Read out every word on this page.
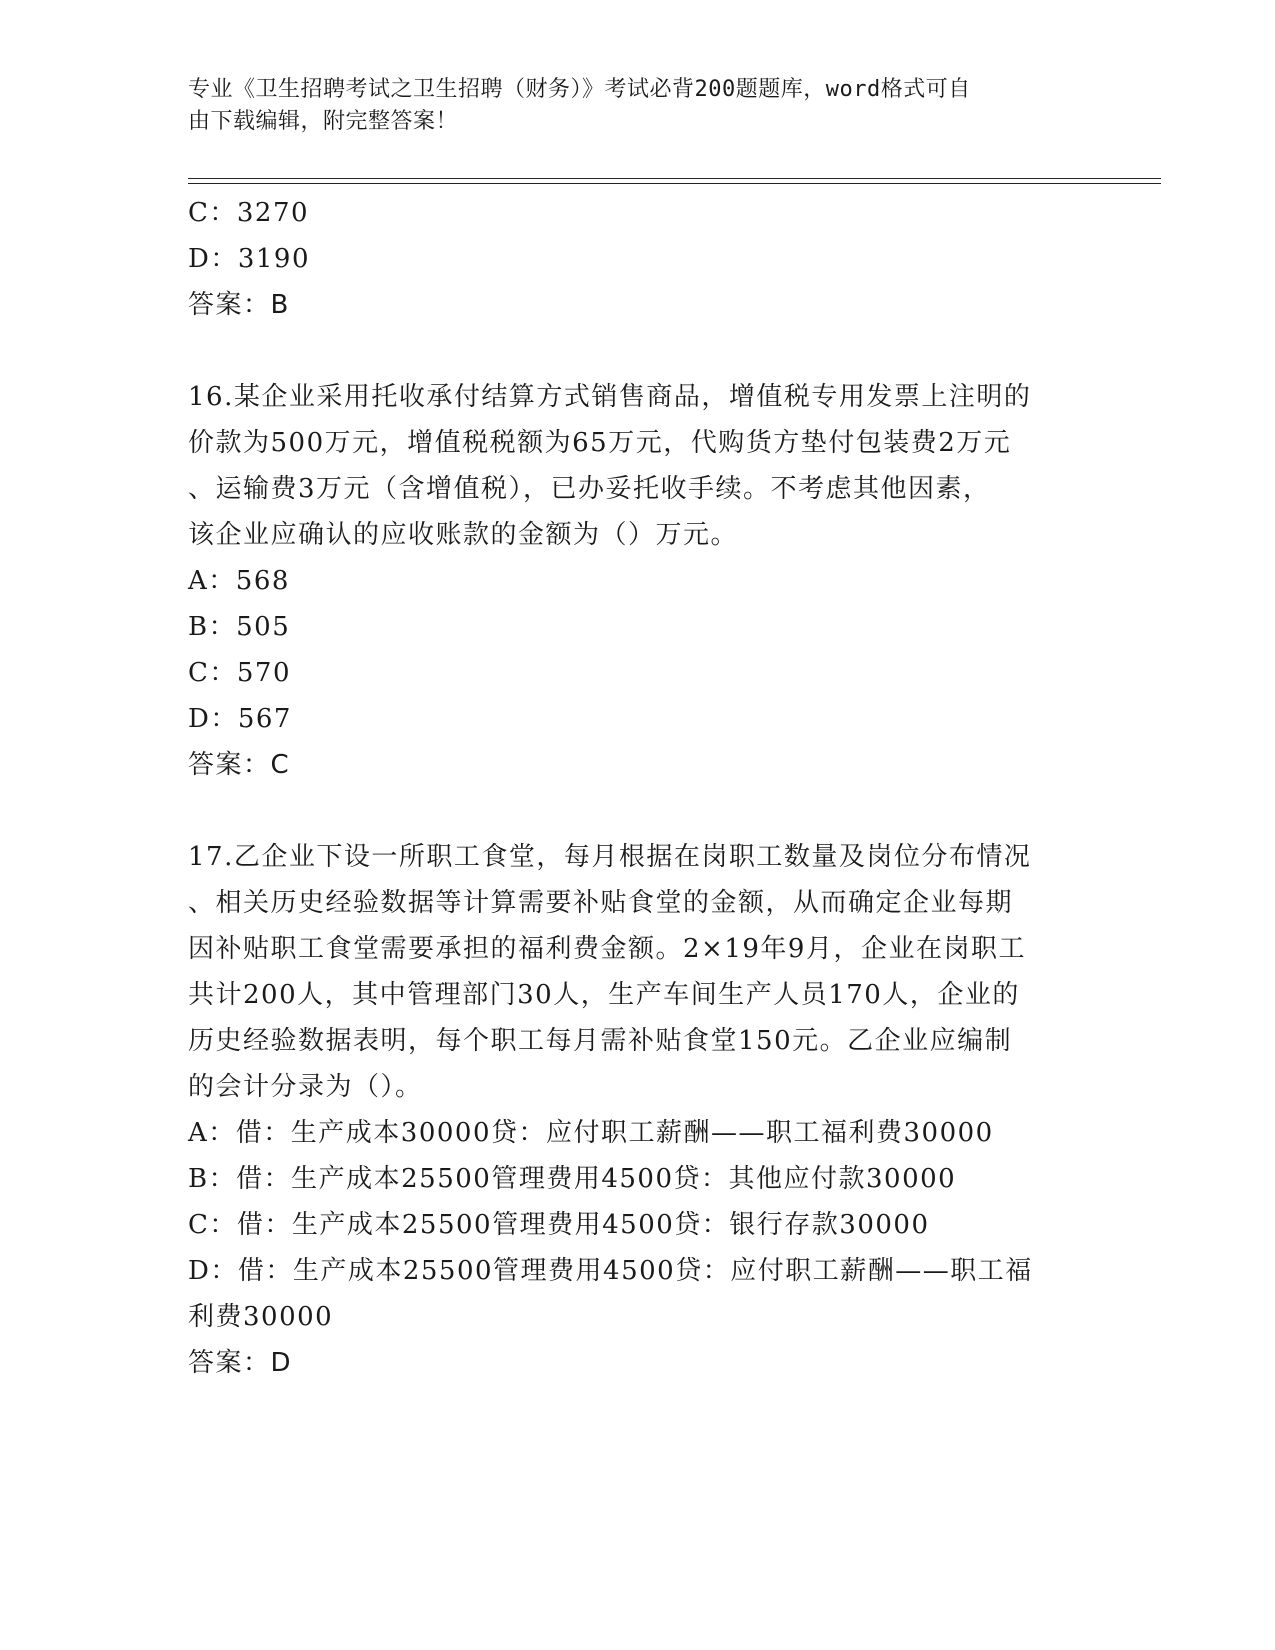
专业《卫生招聘考试之卫生招聘（财务）》考试必背200题题库，word格式可自
由下载编辑，附完整答案！
C：3270
D：3190
答案：B
16.某企业采用托收承付结算方式销售商品，增值税专用发票上注明的
价款为500万元，增值税税额为65万元，代购货方垫付包装费2万元
、运输费3万元（含增值税），已办妥托收手续。不考虑其他因素，
该企业应确认的应收账款的金额为（）万元。
A：568
B：505
C：570
D：567
答案：C
17.乙企业下设一所职工食堂，每月根据在岗职工数量及岗位分布情况
、相关历史经验数据等计算需要补贴食堂的金额，从而确定企业每期
因补贴职工食堂需要承担的福利费金额。2×19年9月，企业在岗职工
共计200人，其中管理部门30人，生产车间生产人员170人，企业的
历史经验数据表明，每个职工每月需补贴食堂150元。乙企业应编制
的会计分录为（）。
A：借：生产成本30000贷：应付职工薪酬——职工福利费30000
B：借：生产成本25500管理费用4500贷：其他应付款30000
C：借：生产成本25500管理费用4500贷：银行存款30000
D：借：生产成本25500管理费用4500贷：应付职工薪酬——职工福
利费30000
答案：D
